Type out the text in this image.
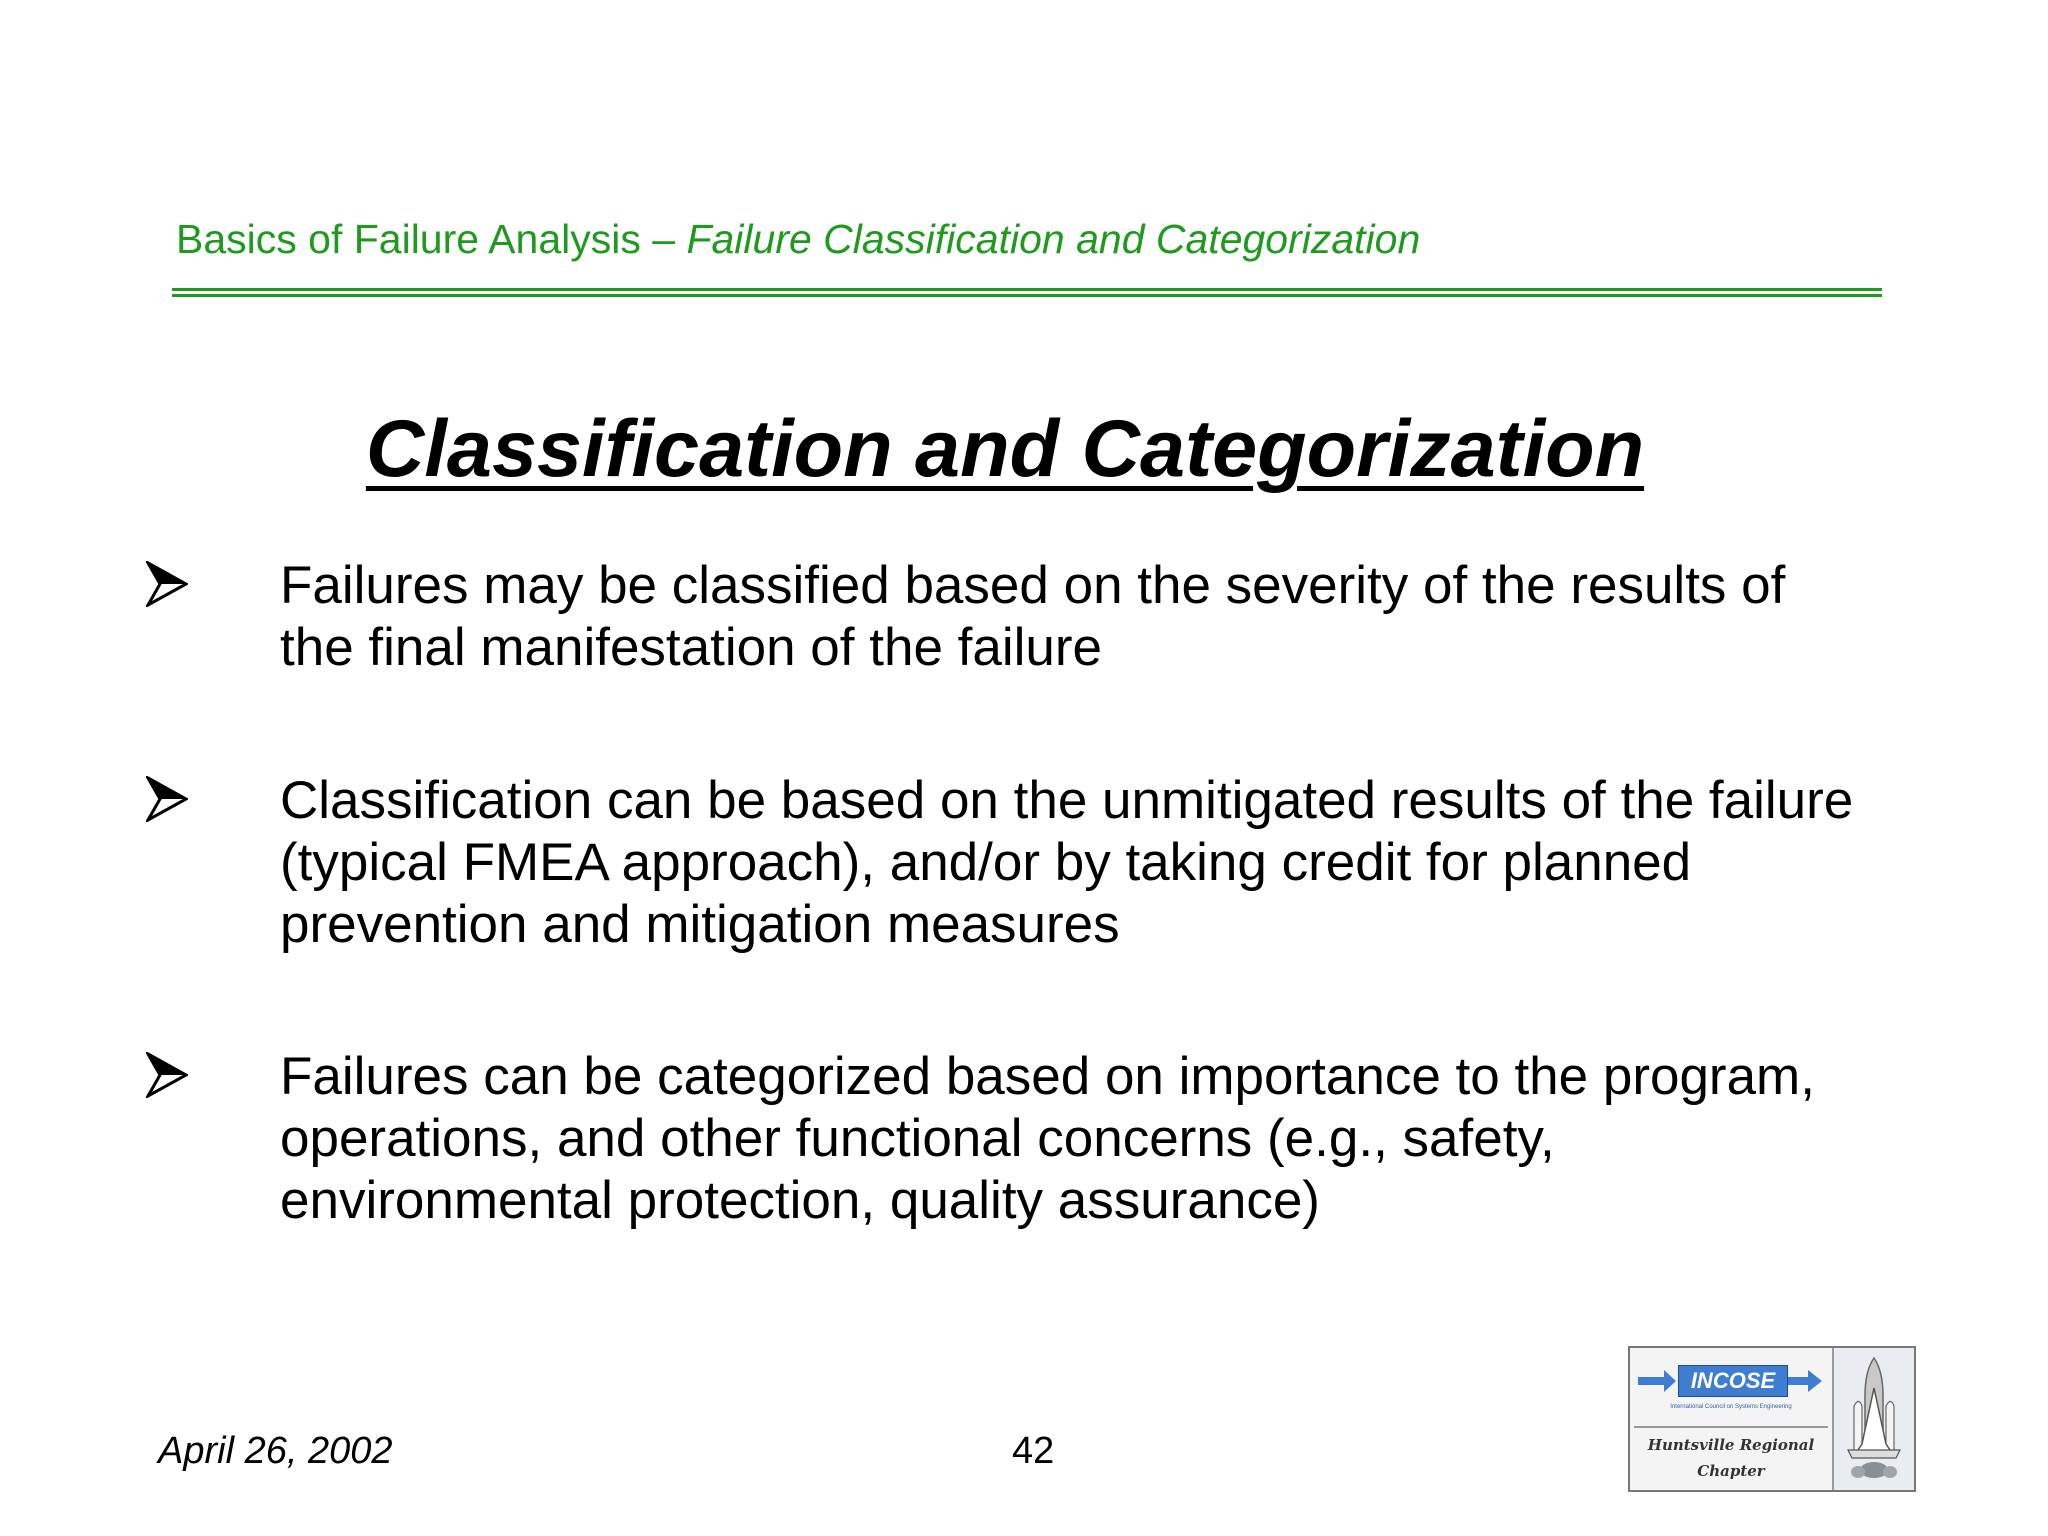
Basics of Failure Analysis – Failure Classification and Categorization
Classification and Categorization
Failures may be classified based on the severity of the results of the final manifestation of the failure
Classification can be based on the unmitigated results of the failure (typical FMEA approach), and/or by taking credit for planned prevention and mitigation measures
Failures can be categorized based on importance to the program, operations, and other functional concerns (e.g., safety, environmental protection, quality assurance)
April 26, 2002	42
INCOSE
International Council on Systems Engineering
Huntsville Regional
Chapter
